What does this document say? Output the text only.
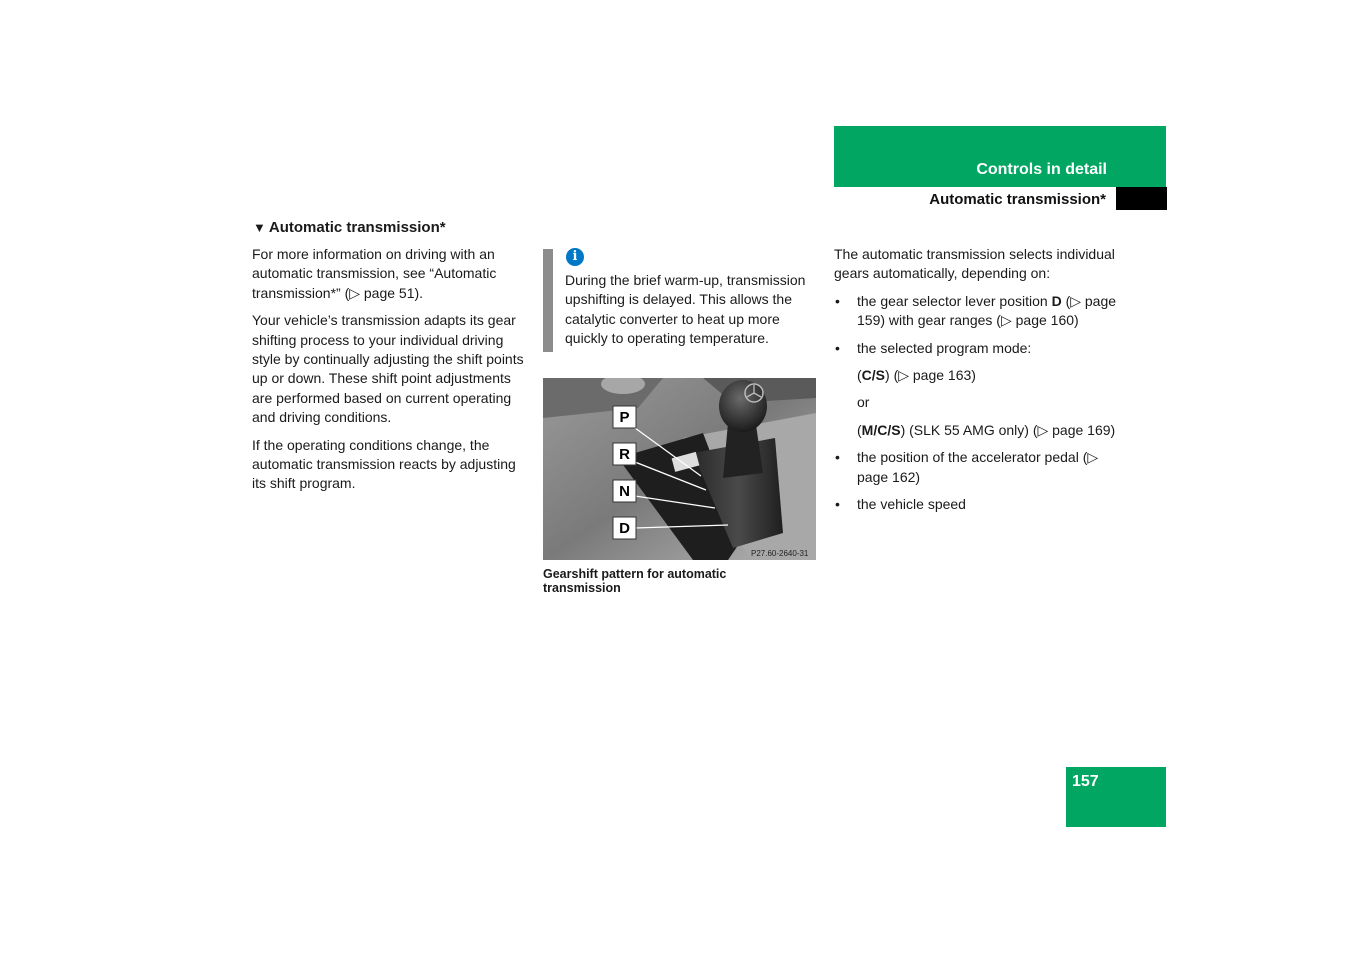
Controls in detail
Automatic transmission*
▼ Automatic transmission*

For more information on driving with an automatic transmission, see “Automatic transmission*” (▷ page 51).

Your vehicle’s transmission adapts its gear shifting process to your individual driving style by continually adjusting the shift points up or down. These shift point adjustments are performed based on current operating and driving conditions.

If the operating conditions change, the automatic transmission reacts by adjusting its shift program.

i
During the brief warm-up, transmission upshifting is delayed. This allows the catalytic converter to heat up more quickly to operating temperature.
P
R
N
D
P27.60-2640-31
Gearshift pattern for automatic transmission

The automatic transmission selects individual gears automatically, depending on:

• the gear selector lever position D (▷ page 159) with gear ranges (▷ page 160)
• the selected program mode:
(C/S) (▷ page 163)
or
(M/C/S) (SLK 55 AMG only) (▷ page 169)
• the position of the accelerator pedal (▷ page 162)
• the vehicle speed
157
